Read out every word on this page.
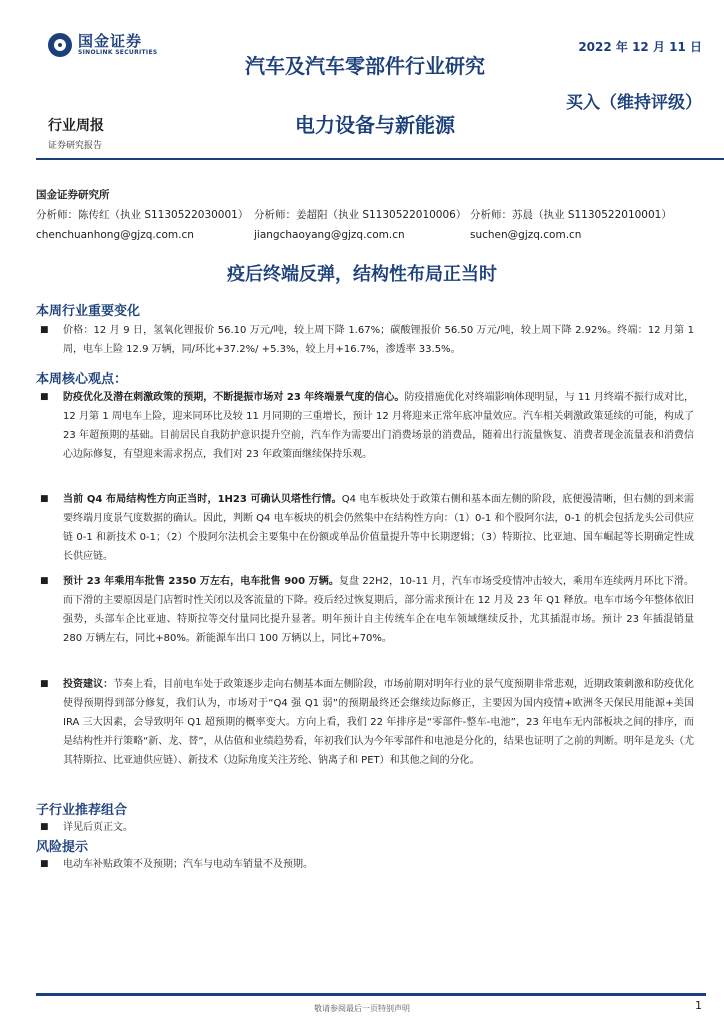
国金证券
SINOLINK SECURITIES	2022 年 12 月 11 日
汽车及汽车零部件行业研究
买入（维持评级）
行业周报
证券研究报告
电力设备与新能源
国金证券研究所
分析师：陈传红（执业 S1130522030001） 分析师：姜超阳（执业 S1130522010006） 分析师：苏晨（执业 S1130522010001）
chenchuanhong@gjzq.com.cn	jiangchaoyang@gjzq.com.cn	suchen@gjzq.com.cn
疫后终端反弹，结构性布局正当时
本周行业重要变化
■ 价格：12 月 9 日，氢氧化锂报价 56.10 万元/吨，较上周下降 1.67%；碳酸锂报价 56.50 万元/吨，较上周下降 2.92%。终端：12 月第 1 周，电车上险 12.9 万辆，同/环比+37.2%/ +5.3%，较上月+16.7%，渗透率 33.5%。
本周核心观点：
■ 防疫优化及潜在刺激政策的预期，不断提振市场对 23 年终端景气度的信心。防疫措施优化对终端影响体现明显，与 11 月终端不振行成对比，12 月第 1 周电车上险，迎来同环比及较 11 月同期的三重增长，预计 12 月将迎来正常年底冲量效应。汽车相关刺激政策延续的可能，构成了 23 年超预期的基础。目前居民自我防护意识提升空前，汽车作为需要出门消费场景的消费品，随着出行流量恢复、消费者现金流量表和消费信心边际修复，有望迎来需求拐点，我们对 23 年政策面继续保持乐观。
■ 当前 Q4 布局结构性方向正当时，1H23 可确认贝塔性行情。Q4 电车板块处于政策右侧和基本面左侧的阶段，底便漫清晰，但右侧的到来需要终端月度景气度数据的确认。因此，判断 Q4 电车板块的机会仍然集中在结构性方向：（1）0-1 和个股阿尔法，0-1 的机会包括龙头公司供应链 0-1 和新技术 0-1；（2）个股阿尔法机会主要集中在份额或单品价值量提升等中长期逻辑；（3）特斯拉、比亚迪、国车崛起等长期确定性成长供应链。
■ 预计 23 年乘用车批售 2350 万左右，电车批售 900 万辆。复盘 22H2，10-11 月，汽车市场受疫情冲击较大，乘用车连续两月环比下滑。而下滑的主要原因是门店暂时性关闭以及客流量的下降。疫后经过恢复期后，部分需求预计在 12 月及 23 年 Q1 释放。电车市场今年整体依旧强势，头部车企比亚迪、特斯拉等交付量同比提升显著。明年预计自主传统车企在电车领域继续反扑，尤其插混市场。预计 23 年插混销量 280 万辆左右，同比+80%。新能源车出口 100 万辆以上，同比+70%。
■ 投资建议：节奏上看，目前电车处于政策逐步走向右侧基本面左侧阶段，市场前期对明年行业的景气度预期非常悲观，近期政策刺激和防疫优化使得预期得到部分修复，我们认为，市场对于“Q4 强 Q1 弱”的预期最终还会继续边际修正，主要因为国内疫情+欧洲冬天保民用能源+美国 IRA 三大因素，会导致明年 Q1 超预期的概率变大。方向上看，我们 22 年排序是“零部件-整车-电池”，23 年电车无内部板块之间的排序，而是结构性并行策略“新、龙、替”，从估值和业绩趋势看，年初我们认为今年零部件和电池是分化的，结果也证明了之前的判断。明年是龙头（尤其特斯拉、比亚迪供应链）、新技术（边际角度关注芳纶、钠离子和 PET）和其他之间的分化。
子行业推荐组合
■ 详见后页正文。
风险提示
■ 电动车补贴政策不及预期；汽车与电动车销量不及预期。
敬请参阅最后一页特别声明	1
